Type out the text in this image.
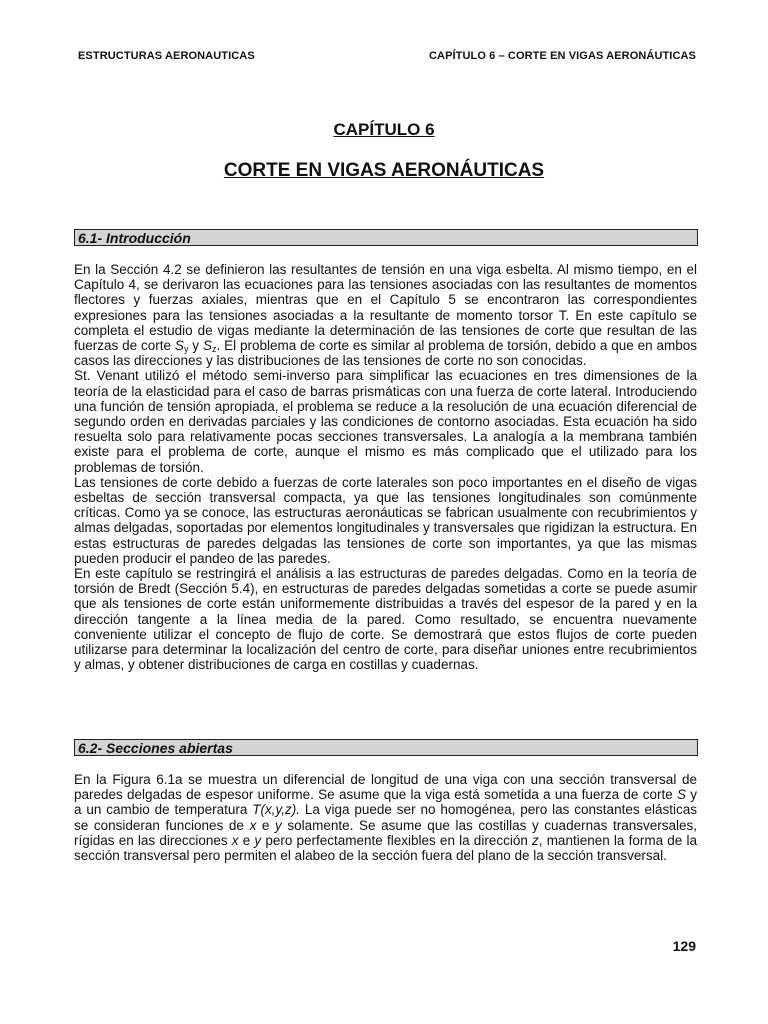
ESTRUCTURAS AERONAUTICAS	CAPÍTULO 6 – CORTE EN VIGAS AERONÁUTICAS
CAPÍTULO 6
CORTE EN VIGAS AERONÁUTICAS
6.1- Introducción

En la Sección 4.2 se definieron las resultantes de tensión en una viga esbelta. Al mismo tiempo, en el Capítulo 4, se derivaron las ecuaciones para las tensiones asociadas con las resultantes de momentos flectores y fuerzas axiales, mientras que en el Capítulo 5 se encontraron las correspondientes expresiones para las tensiones asociadas a la resultante de momento torsor T. En este capítulo se completa el estudio de vigas mediante la determinación de las tensiones de corte que resultan de las fuerzas de corte $S_y$ y $S_z$. El problema de corte es similar al problema de torsión, debido a que en ambos casos las direcciones y las distribuciones de las tensiones de corte no son conocidas.

St. Venant utilizó el método semi-inverso para simplificar las ecuaciones en tres dimensiones de la teoría de la elasticidad para el caso de barras prismáticas con una fuerza de corte lateral. Introduciendo una función de tensión apropiada, el problema se reduce a la resolución de una ecuación diferencial de segundo orden en derivadas parciales y las condiciones de contorno asociadas. Esta ecuación ha sido resuelta solo para relativamente pocas secciones transversales. La analogía a la membrana también existe para el problema de corte, aunque el mismo es más complicado que el utilizado para los problemas de torsión.

Las tensiones de corte debido a fuerzas de corte laterales son poco importantes en el diseño de vigas esbeltas de sección transversal compacta, ya que las tensiones longitudinales son comúnmente críticas. Como ya se conoce, las estructuras aeronáuticas se fabrican usualmente con recubrimientos y almas delgadas, soportadas por elementos longitudinales y transversales que rigidizan la estructura. En estas estructuras de paredes delgadas las tensiones de corte son importantes, ya que las mismas pueden producir el pandeo de las paredes.

En este capítulo se restringirá el análisis a las estructuras de paredes delgadas. Como en la teoría de torsión de Bredt (Sección 5.4), en estructuras de paredes delgadas sometidas a corte se puede asumir que als tensiones de corte están uniformemente distribuidas a través del espesor de la pared y en la dirección tangente a la línea media de la pared. Como resultado, se encuentra nuevamente conveniente utilizar el concepto de flujo de corte. Se demostrará que estos flujos de corte pueden utilizarse para determinar la localización del centro de corte, para diseñar uniones entre recubrimientos y almas, y obtener distribuciones de carga en costillas y cuadernas.

6.2- Secciones abiertas

En la Figura 6.1a se muestra un diferencial de longitud de una viga con una sección transversal de paredes delgadas de espesor uniforme. Se asume que la viga está sometida a una fuerza de corte S y a un cambio de temperatura T(x,y,z). La viga puede ser no homogénea, pero las constantes elásticas se consideran funciones de x e y solamente. Se asume que las costillas y cuadernas transversales, rígidas en las direcciones x e y pero perfectamente flexibles en la dirección z, mantienen la forma de la sección transversal pero permiten el alabeo de la sección fuera del plano de la sección transversal.

129
